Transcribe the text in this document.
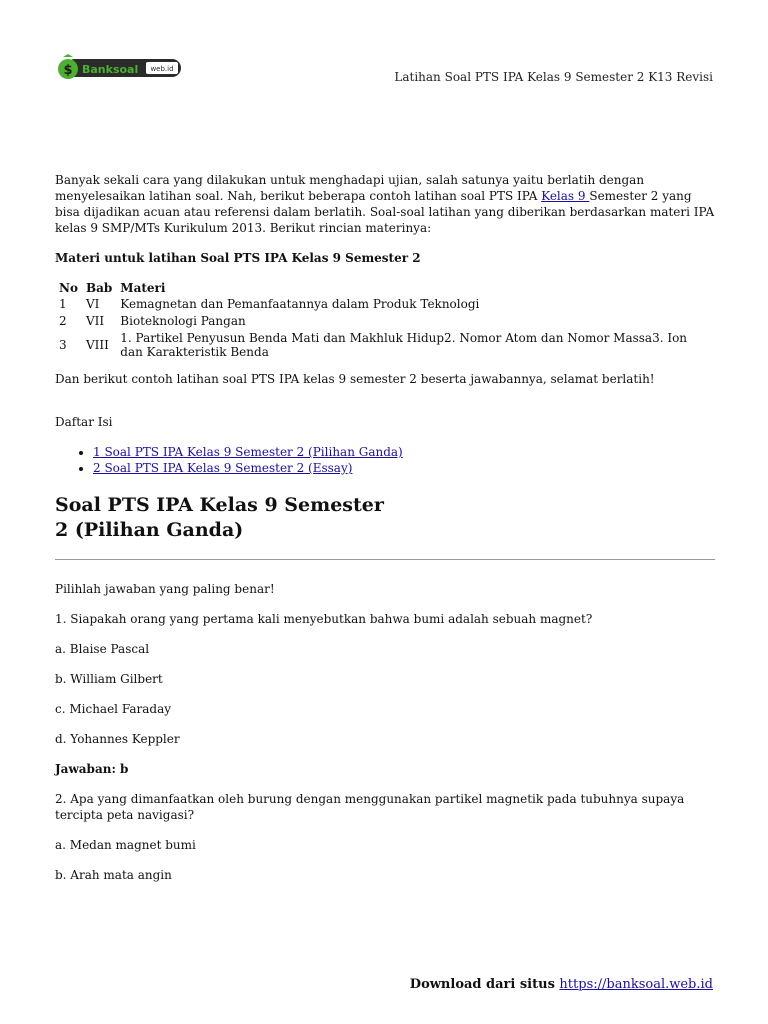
$ Banksoal web.id
Latihan Soal PTS IPA Kelas 9 Semester 2 K13 Revisi

Banyak sekali cara yang dilakukan untuk menghadapi ujian, salah satunya yaitu berlatih dengan menyelesaikan latihan soal. Nah, berikut beberapa contoh latihan soal PTS IPA Kelas 9 Semester 2 yang bisa dijadikan acuan atau referensi dalam berlatih. Soal-soal latihan yang diberikan berdasarkan materi IPA kelas 9 SMP/MTs Kurikulum 2013. Berikut rincian materinya:

Materi untuk latihan Soal PTS IPA Kelas 9 Semester 2

No	Bab	Materi
1	VI	Kemagnetan dan Pemanfaatannya dalam Produk Teknologi
2	VII	Bioteknologi Pangan
3	VIII	1. Partikel Penyusun Benda Mati dan Makhluk Hidup2. Nomor Atom dan Nomor Massa3. Ion dan Karakteristik Benda

Dan berikut contoh latihan soal PTS IPA kelas 9 semester 2 beserta jawabannya, selamat berlatih!

Daftar Isi

• 1 Soal PTS IPA Kelas 9 Semester 2 (Pilihan Ganda)
• 2 Soal PTS IPA Kelas 9 Semester 2 (Essay)
Soal PTS IPA Kelas 9 Semester 2 (Pilihan Ganda)

Pilihlah jawaban yang paling benar!

1. Siapakah orang yang pertama kali menyebutkan bahwa bumi adalah sebuah magnet?

a. Blaise Pascal

b. William Gilbert

c. Michael Faraday

d. Yohannes Keppler

Jawaban: b

2. Apa yang dimanfaatkan oleh burung dengan menggunakan partikel magnetik pada tubuhnya supaya tercipta peta navigasi?

a. Medan magnet bumi

b. Arah mata angin

Download dari situs https://banksoal.web.id
